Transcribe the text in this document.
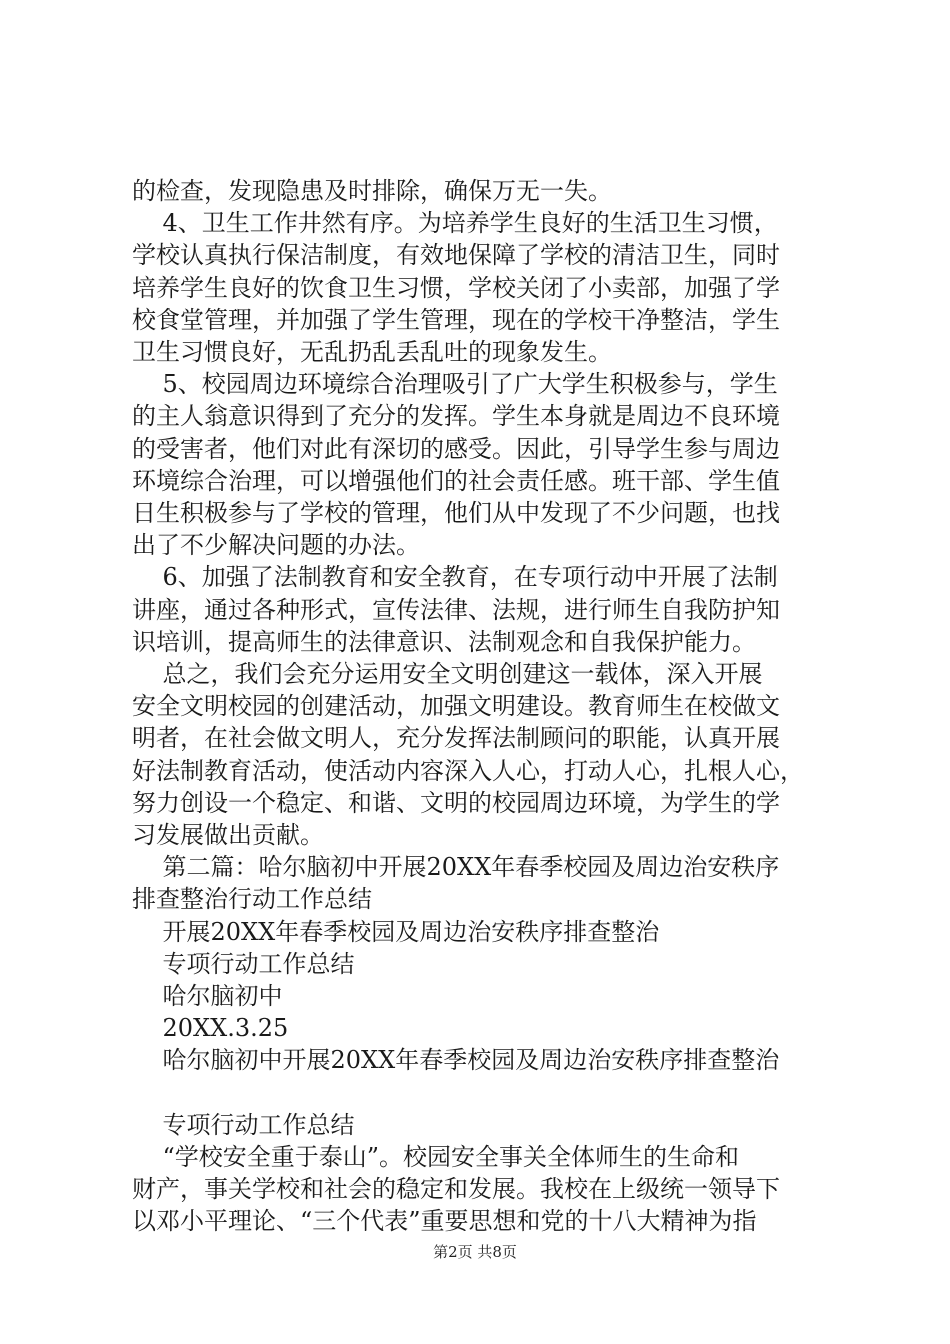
的检查，发现隐患及时排除，确保万无一失。
4、卫生工作井然有序。为培养学生良好的生活卫生习惯，
学校认真执行保洁制度，有效地保障了学校的清洁卫生，同时
培养学生良好的饮食卫生习惯，学校关闭了小卖部，加强了学
校食堂管理，并加强了学生管理，现在的学校干净整洁，学生
卫生习惯良好，无乱扔乱丢乱吐的现象发生。
5、校园周边环境综合治理吸引了广大学生积极参与，学生
的主人翁意识得到了充分的发挥。学生本身就是周边不良环境
的受害者，他们对此有深切的感受。因此，引导学生参与周边
环境综合治理，可以增强他们的社会责任感。班干部、学生值
日生积极参与了学校的管理，他们从中发现了不少问题，也找
出了不少解决问题的办法。
6、加强了法制教育和安全教育，在专项行动中开展了法制
讲座，通过各种形式，宣传法律、法规，进行师生自我防护知
识培训，提高师生的法律意识、法制观念和自我保护能力。
总之，我们会充分运用安全文明创建这一载体，深入开展
安全文明校园的创建活动，加强文明建设。教育师生在校做文
明者，在社会做文明人，充分发挥法制顾问的职能，认真开展
好法制教育活动，使活动内容深入人心，打动人心，扎根人心，
努力创设一个稳定、和谐、文明的校园周边环境，为学生的学
习发展做出贡献。
第二篇：哈尔脑初中开展20XX年春季校园及周边治安秩序
排查整治行动工作总结
开展20XX年春季校园及周边治安秩序排查整治
专项行动工作总结
哈尔脑初中
20XX.3.25
哈尔脑初中开展20XX年春季校园及周边治安秩序排查整治
专项行动工作总结
“学校安全重于泰山”。校园安全事关全体师生的生命和
财产，事关学校和社会的稳定和发展。我校在上级统一领导下
以邓小平理论、“三个代表”重要思想和党的十八大精神为指
第2页 共8页
